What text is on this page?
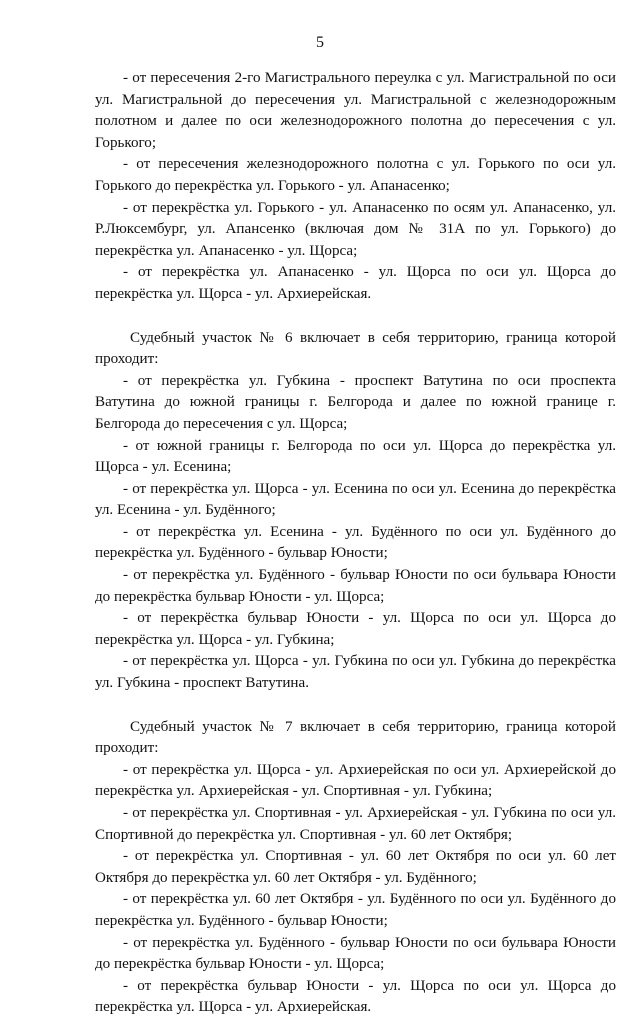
5

- от пересечения 2-го Магистрального переулка с ул. Магистральной по оси ул. Магистральной до пересечения ул. Магистральной с железнодорожным полотном и далее по оси железнодорожного полотна до пересечения с ул. Горького;

- от пересечения железнодорожного полотна с ул. Горького по оси ул. Горького до перекрёстка ул. Горького - ул. Апанасенко;

- от перекрёстка ул. Горького - ул. Апанасенко по осям ул. Апанасенко, ул. Р.Люксембург, ул. Апансенко (включая дом № 31А по ул. Горького) до перекрёстка ул. Апанасенко - ул. Щорса;

- от перекрёстка ул. Апанасенко - ул. Щорса по оси ул. Щорса до перекрёстка ул. Щорса - ул. Архиерейская.

Судебный участок № 6 включает в себя территорию, граница которой проходит:

- от перекрёстка ул. Губкина - проспект Ватутина по оси проспекта Ватутина до южной границы г. Белгорода и далее по южной границе г. Белгорода до пересечения с ул. Щорса;

- от южной границы г. Белгорода по оси ул. Щорса до перекрёстка ул. Щорса - ул. Есенина;

- от перекрёстка ул. Щорса - ул. Есенина по оси ул. Есенина до перекрёстка ул. Есенина - ул. Будённого;

- от перекрёстка ул. Есенина - ул. Будённого по оси ул. Будённого до перекрёстка ул. Будённого - бульвар Юности;

- от перекрёстка ул. Будённого - бульвар Юности по оси бульвара Юности до перекрёстка бульвар Юности - ул. Щорса;

- от перекрёстка бульвар Юности - ул. Щорса по оси ул. Щорса до перекрёстка ул. Щорса - ул. Губкина;

- от перекрёстка ул. Щорса - ул. Губкина по оси ул. Губкина до перекрёстка ул. Губкина - проспект Ватутина.

Судебный участок № 7 включает в себя территорию, граница которой проходит:

- от перекрёстка ул. Щорса - ул. Архиерейская по оси ул. Архиерейской до перекрёстка ул. Архиерейская - ул. Спортивная - ул. Губкина;

- от перекрёстка ул. Спортивная - ул. Архиерейская - ул. Губкина по оси ул. Спортивной до перекрёстка ул. Спортивная - ул. 60 лет Октября;

- от перекрёстка ул. Спортивная - ул. 60 лет Октября по оси ул. 60 лет Октября до перекрёстка ул. 60 лет Октября - ул. Будённого;

- от перекрёстка ул. 60 лет Октября - ул. Будённого по оси ул. Будённого до перекрёстка ул. Будённого - бульвар Юности;

- от перекрёстка ул. Будённого - бульвар Юности по оси бульвара Юности до перекрёстка бульвар Юности - ул. Щорса;

- от перекрёстка бульвар Юности - ул. Щорса по оси ул. Щорса до перекрёстка ул. Щорса - ул. Архиерейская.
